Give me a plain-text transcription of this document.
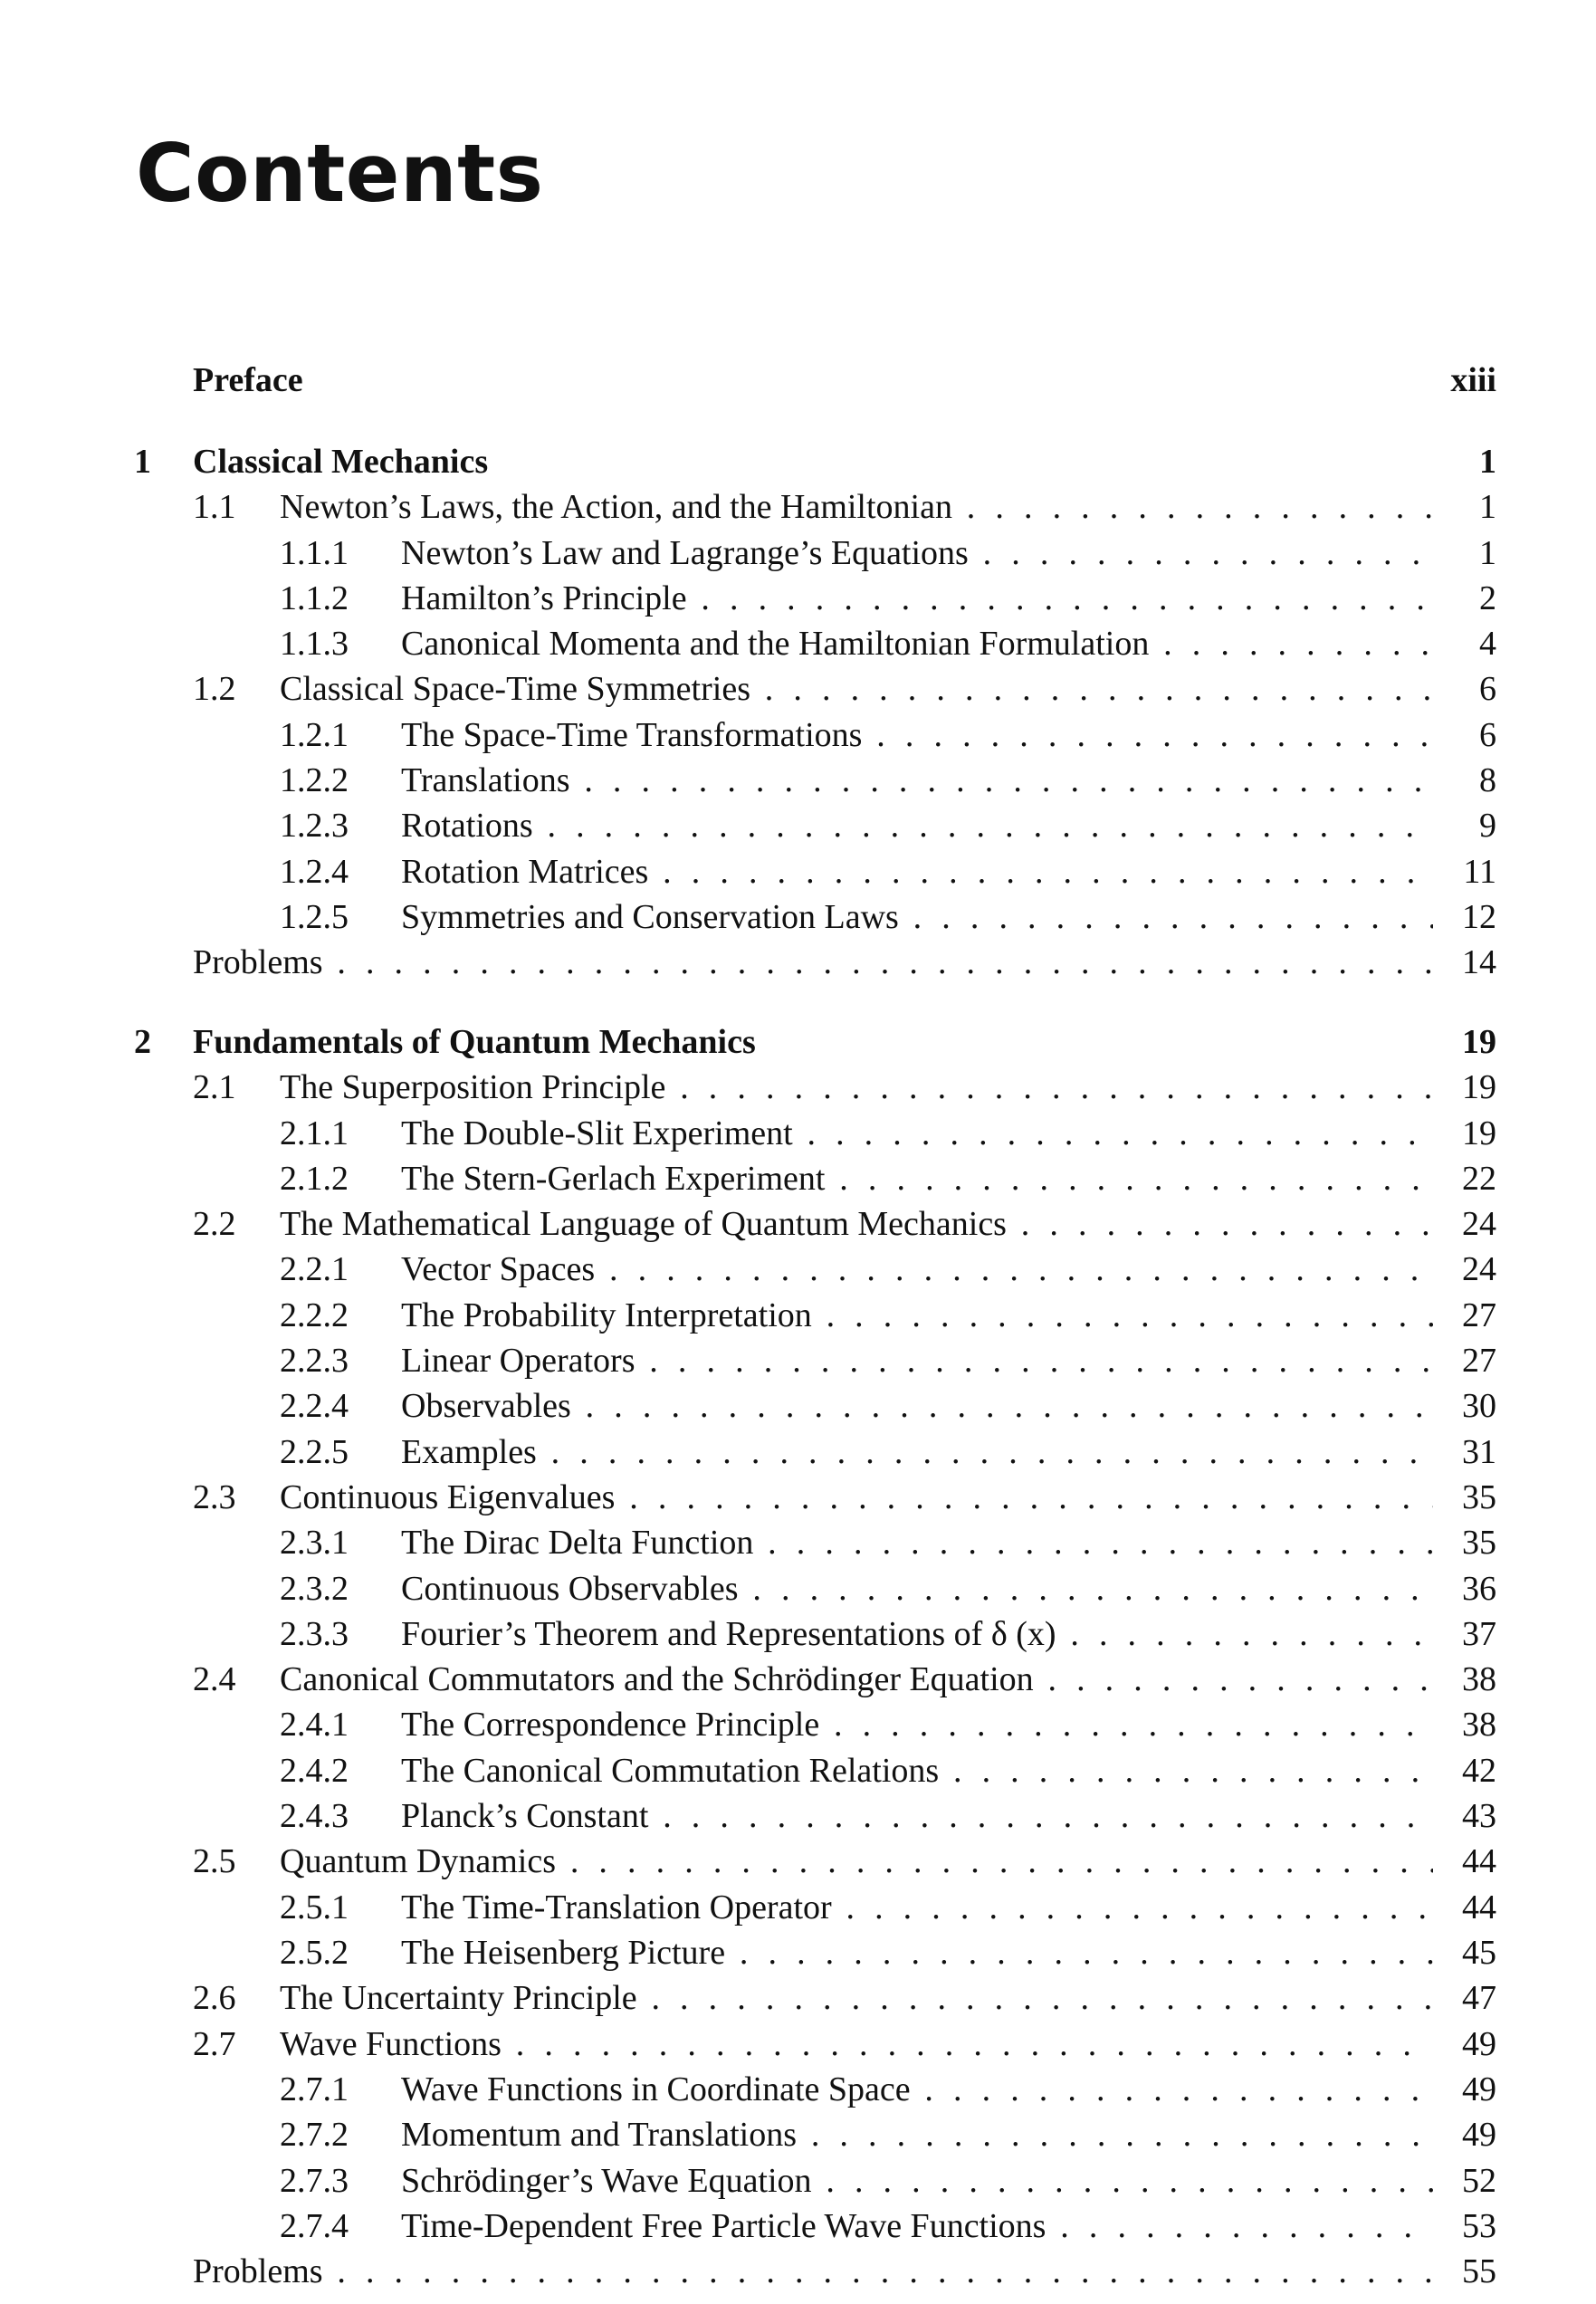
Contents
Preface	xiii
1 Classical Mechanics	1
1.1 Newton’s Laws, the Action, and the Hamiltonian . . .	1
1.1.1 Newton’s Law and Lagrange’s Equations . . .	1
1.1.2 Hamilton’s Principle . . .	2
1.1.3 Canonical Momenta and the Hamiltonian Formulation . . .	4
1.2 Classical Space-Time Symmetries . . .	6
1.2.1 The Space-Time Transformations . . .	6
1.2.2 Translations . . .	8
1.2.3 Rotations . . .	9
1.2.4 Rotation Matrices . . .	11
1.2.5 Symmetries and Conservation Laws . . .	12
Problems . . .	14
2 Fundamentals of Quantum Mechanics	19
2.1 The Superposition Principle . . .	19
2.1.1 The Double-Slit Experiment . . .	19
2.1.2 The Stern-Gerlach Experiment . . .	22
2.2 The Mathematical Language of Quantum Mechanics . . .	24
2.2.1 Vector Spaces . . .	24
2.2.2 The Probability Interpretation . . .	27
2.2.3 Linear Operators . . .	27
2.2.4 Observables . . .	30
2.2.5 Examples . . .	31
2.3 Continuous Eigenvalues . . .	35
2.3.1 The Dirac Delta Function . . .	35
2.3.2 Continuous Observables . . .	36
2.3.3 Fourier’s Theorem and Representations of δ (x) . . .	37
2.4 Canonical Commutators and the Schrödinger Equation . . .	38
2.4.1 The Correspondence Principle . . .	38
2.4.2 The Canonical Commutation Relations . . .	42
2.4.3 Planck’s Constant . . .	43
2.5 Quantum Dynamics . . .	44
2.5.1 The Time-Translation Operator . . .	44
2.5.2 The Heisenberg Picture . . .	45
2.6 The Uncertainty Principle . . .	47
2.7 Wave Functions . . .	49
2.7.1 Wave Functions in Coordinate Space . . .	49
2.7.2 Momentum and Translations . . .	49
2.7.3 Schrödinger’s Wave Equation . . .	52
2.7.4 Time-Dependent Free Particle Wave Functions . . .	53
Problems . . .	55
